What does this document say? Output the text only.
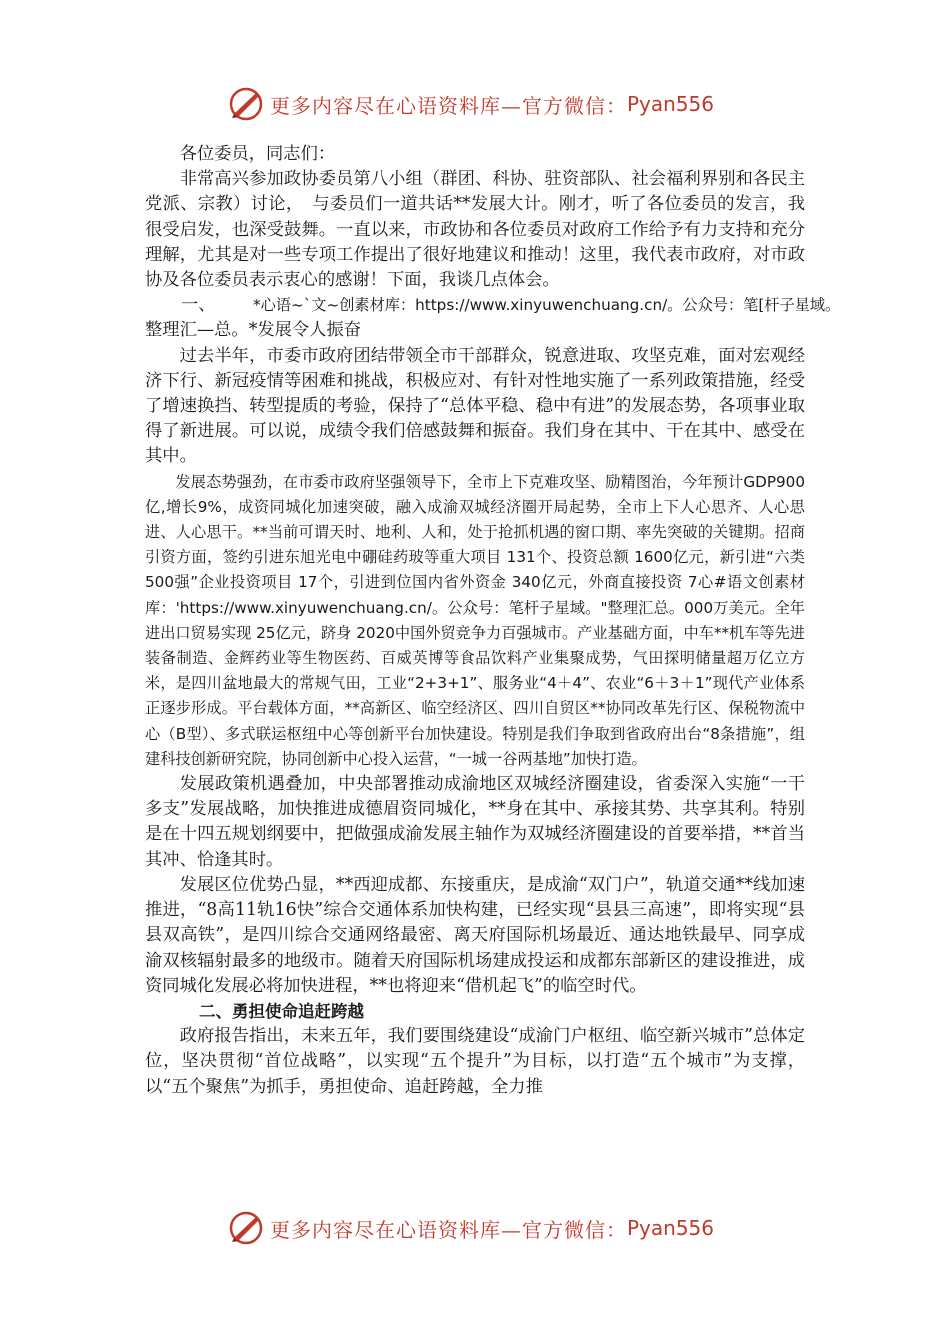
更多内容尽在心语资料库—官方微信： Pyan556

各位委员，同志们：

非常高兴参加政协委员第八小组（群团、科协、驻资部队、社会福利界别和各民主党派、宗教）讨论，　与委员们一道共话**发展大计。刚才，听了各位委员的发言，我很受启发，也深受鼓舞。一直以来，市政协和各位委员对政府工作给予有力支持和充分理解，尤其是对一些专项工作提出了很好地建议和推动！这里，我代表市政府，对市政协及各位委员表示衷心的感谢！下面，我谈几点体会。

一、 *心语~`文~创素材库：https://www.xinyuwenchuang.cn/。公众号：笔[杆子星域。
整理汇—总。*发展令人振奋

过去半年，市委市政府团结带领全市干部群众，锐意进取、攻坚克难，面对宏观经济下行、新冠疫情等困难和挑战，积极应对、有针对性地实施了一系列政策措施，经受了增速换挡、转型提质的考验，保持了“总体平稳、稳中有进”的发展态势，各项事业取得了新进展。可以说，成绩令我们倍感鼓舞和振奋。我们身在其中、干在其中、感受在其中。

发展态势强劲，在市委市政府坚强领导下，全市上下克难攻坚、励精图治，今年预计GDP900亿,增长9%，成资同城化加速突破，融入成渝双城经济圈开局起势，全市上下人心思齐、人心思进、人心思干。**当前可谓天时、地利、人和，处于抢抓机遇的窗口期、率先突破的关键期。招商引资方面，签约引进东旭光电中硼硅药玻等重大项目 131个、投资总额 1600亿元，新引进“六类 500强”企业投资项目 17个，引进到位国内省外资金 340亿元，外商直接投资 7心#语文创素材库：'https://www.xinyuwenchuang.cn/。公众号：笔杆子星域。"整理汇总。000万美元。全年进出口贸易实现 25亿元，跻身 2020中国外贸竞争力百强城市。产业基础方面，中车**机车等先进装备制造、金辉药业等生物医药、百威英博等食品饮料产业集聚成势，气田探明储量超万亿立方米，是四川盆地最大的常规气田，工业“2+3+1”、服务业“4＋4”、农业“6＋3＋1”现代产业体系正逐步形成。平台载体方面，**高新区、临空经济区、四川自贸区**协同改革先行区、保税物流中心（B型）、多式联运枢纽中心等创新平台加快建设。特别是我们争取到省政府出台“8条措施”，组建科技创新研究院，协同创新中心投入运营，“一城一谷两基地”加快打造。

发展政策机遇叠加，中央部署推动成渝地区双城经济圈建设，省委深入实施“一干多支”发展战略，加快推进成德眉资同城化，**身在其中、承接其势、共享其利。特别是在十四五规划纲要中，把做强成渝发展主轴作为双城经济圈建设的首要举措，**首当其冲、恰逢其时。

发展区位优势凸显，**西迎成都、东接重庆，是成渝“双门户”，轨道交通**线加速推进，“8高11轨16快”综合交通体系加快构建，已经实现“县县三高速”，即将实现“县县双高铁”，是四川综合交通网络最密、离天府国际机场最近、通达地铁最早、同享成渝双核辐射最多的地级市。随着天府国际机场建成投运和成都东部新区的建设推进，成资同城化发展必将加快进程，**也将迎来“借机起飞”的临空时代。

二、勇担使命追赶跨越

政府报告指出，未来五年，我们要围绕建设“成渝门户枢纽、临空新兴城市”总体定位，坚决贯彻“首位战略”，以实现“五个提升”为目标，以打造“五个城市”为支撑，以“五个聚焦”为抓手，勇担使命、追赶跨越，全力推

更多内容尽在心语资料库—官方微信： Pyan556
